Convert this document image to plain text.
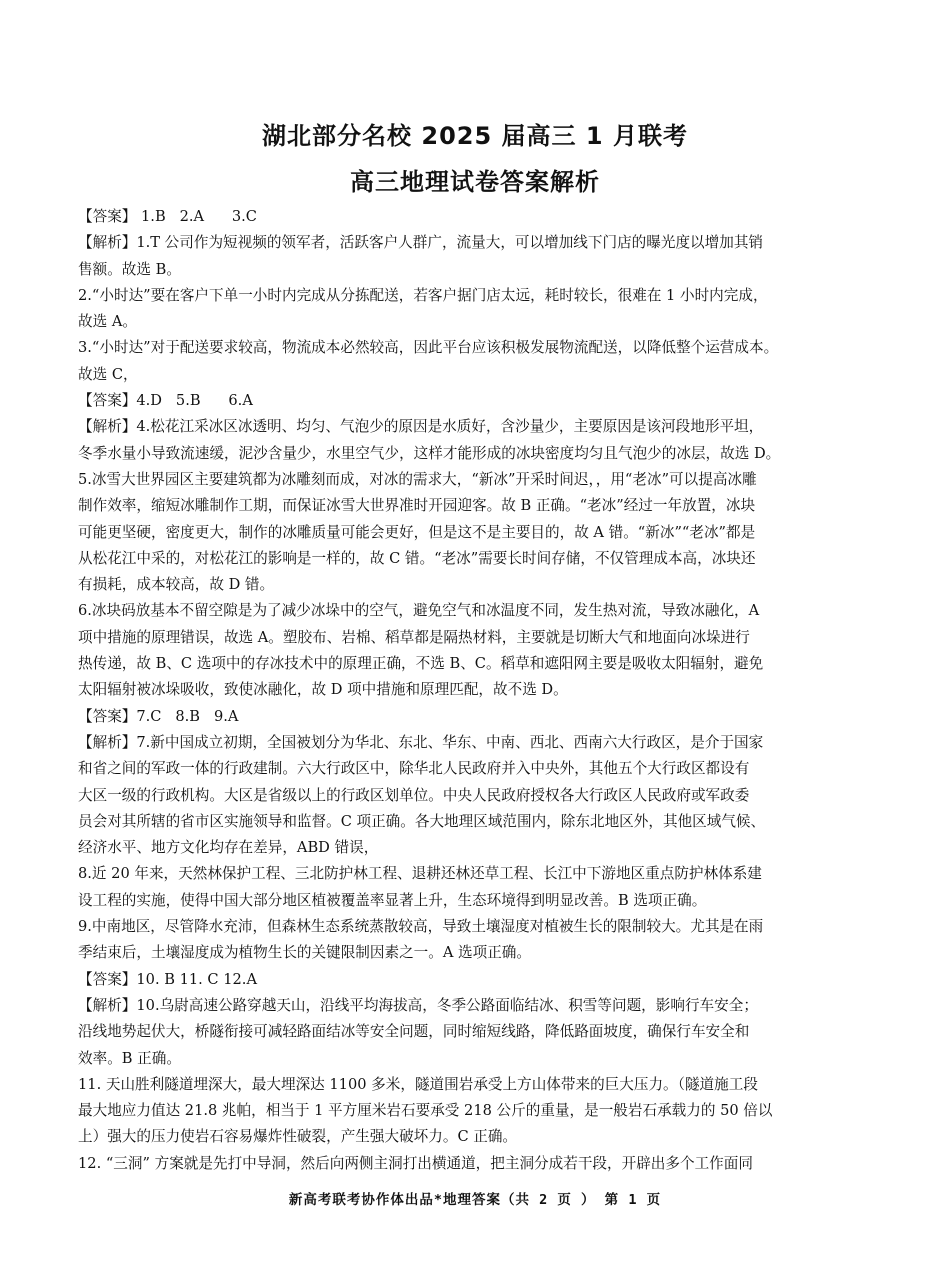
湖北部分名校 2025 届高三 1 月联考
高三地理试卷答案解析

【答案】 1.B   2.A      3.C

【解析】1.T 公司作为短视频的领军者，活跃客户人群广，流量大，可以增加线下门店的曝光度以增加其销

售额。故选 B。

2.“小时达”要在客户下单一小时内完成从分拣配送，若客户据门店太远，耗时较长，很难在 1 小时内完成，

故选 A。

3.“小时达”对于配送要求较高，物流成本必然较高，因此平台应该积极发展物流配送，以降低整个运营成本。

故选 C，

【答案】4.D   5.B      6.A

【解析】4.松花江采冰区冰透明、均匀、气泡少的原因是水质好，含沙量少，主要原因是该河段地形平坦，

冬季水量小导致流速缓，泥沙含量少，水里空气少，这样才能形成的冰块密度均匀且气泡少的冰层，故选 D。

5.冰雪大世界园区主要建筑都为冰雕刻而成，对冰的需求大，“新冰”开采时间迟，，用“老冰”可以提高冰雕

制作效率，缩短冰雕制作工期，而保证冰雪大世界准时开园迎客。故 B 正确。“老冰”经过一年放置，冰块

可能更坚硬，密度更大，制作的冰雕质量可能会更好，但是这不是主要目的，故 A 错。“新冰”“老冰”都是

从松花江中采的，对松花江的影响是一样的，故 C 错。“老冰”需要长时间存储，不仅管理成本高，冰块还

有损耗，成本较高，故 D 错。

6.冰块码放基本不留空隙是为了减少冰垛中的空气，避免空气和冰温度不同，发生热对流，导致冰融化，A

项中措施的原理错误，故选 A。塑胶布、岩棉、稻草都是隔热材料，主要就是切断大气和地面向冰垛进行

热传递，故 B、C 选项中的存冰技术中的原理正确，不选 B、C。稻草和遮阳网主要是吸收太阳辐射，避免

太阳辐射被冰垛吸收，致使冰融化，故 D 项中措施和原理匹配，故不选 D。

【答案】7.C   8.B   9.A

【解析】7.新中国成立初期，全国被划分为华北、东北、华东、中南、西北、西南六大行政区，是介于国家

和省之间的军政一体的行政建制。六大行政区中，除华北人民政府并入中央外，其他五个大行政区都设有

大区一级的行政机构。大区是省级以上的行政区划单位。中央人民政府授权各大行政区人民政府或军政委

员会对其所辖的省市区实施领导和监督。C 项正确。各大地理区域范围内，除东北地区外，其他区域气候、

经济水平、地方文化均存在差异，ABD 错误，

8.近 20 年来，天然林保护工程、三北防护林工程、退耕还林还草工程、长江中下游地区重点防护林体系建

设工程的实施，使得中国大部分地区植被覆盖率显著上升，生态环境得到明显改善。B 选项正确。

9.中南地区，尽管降水充沛，但森林生态系统蒸散较高，导致土壤湿度对植被生长的限制较大。尤其是在雨

季结束后，土壤湿度成为植物生长的关键限制因素之一。A 选项正确。

【答案】10. B 11. C 12.A

【解析】10.乌尉高速公路穿越天山，沿线平均海拔高，冬季公路面临结冰、积雪等问题，影响行车安全；

沿线地势起伏大，桥隧衔接可减轻路面结冰等安全问题，同时缩短线路，降低路面坡度，确保行车安全和

效率。B 正确。

11. 天山胜利隧道埋深大，最大埋深达 1100 多米，隧道围岩承受上方山体带来的巨大压力。（隧道施工段

最大地应力值达 21.8 兆帕，相当于 1 平方厘米岩石要承受 218 公斤的重量，是一般岩石承载力的 50 倍以

上）强大的压力使岩石容易爆炸性破裂，产生强大破坏力。C 正确。

12. “三洞” 方案就是先打中导洞，然后向两侧主洞打出横通道，把主洞分成若干段，开辟出多个工作面同

新高考联考协作体出品*地理答案（共 2 页 ） 第 1 页
